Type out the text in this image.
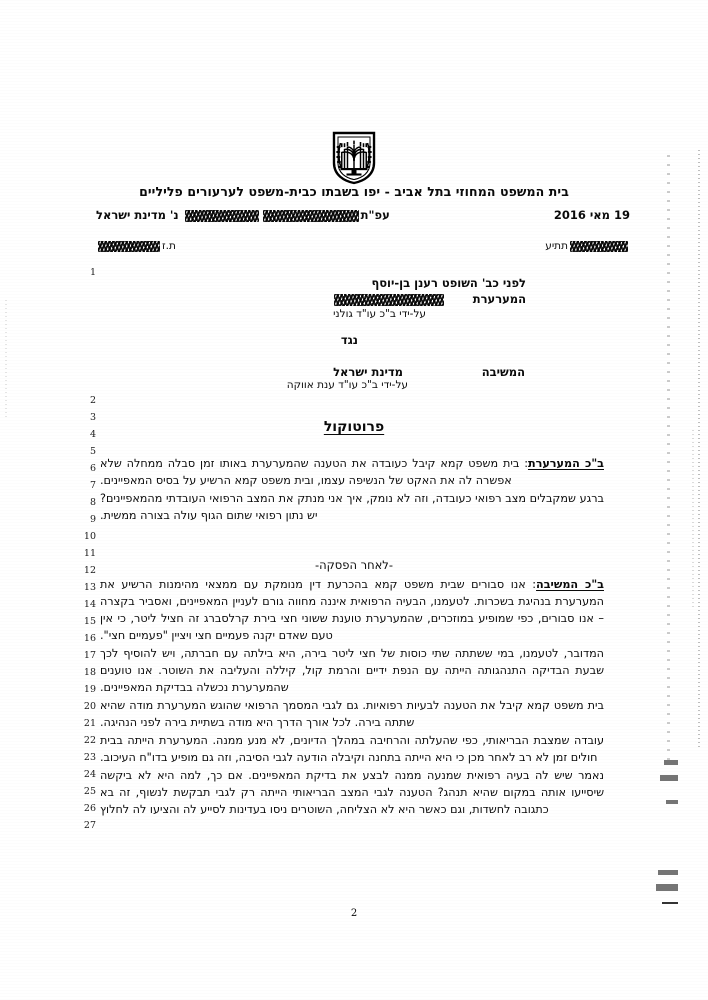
בית המשפט המחוזי בתל אביב - יפו בשבתו כבית-משפט לערעורים פליליים
עפ"ת נ' מדינת ישראל	19 מאי 2016
ת.ז	תתיע
1
2
3
4
5
6
7
8
9
10
11
12
13
14
15
16
17
18
19
20
21
22
23
24
25
26
27
לפני כב' השופט רענן בן-יוסף
המערערת
על-ידי ב"כ עו"ד גולני
נגד
המשיבה
מדינת ישראל
על-ידי ב"כ עו"ד ענת אווקה
פרוטוקול
-לאחר הפסקה-

ב"כ המערערת: בית משפט קמא קיבל כעובדה את הטענה שהמערערת באותו זמן סבלה ממחלה שלא אפשרה לה את האקט של הנשיפה עצמו, ובית משפט קמא הרשיע על בסיס המאפיינים.

ברגע שמקבלים מצב רפואי כעובדה, וזה לא נומק, איך אני מנתק את המצב הרפואי העובדתי מהמאפיינים? יש נתון רפואי שתום הגוף עולה בצורה ממשית.

ב"כ המשיבה: אנו סבורים שבית משפט קמא בהכרעת דין מנומקת עם ממצאי מהימנות הרשיע את המערערת בנהיגת בשכרות. לטעמנו, הבעיה הרפואית איננה מחווה גורם לעניין המאפיינים, ואסביר בקצרה – אנו סבורים, כפי שמופיע במוזכרים, שהמערערת טוענת ששוני חצי בירת קרלסברג זה חציל ליטר, כי אין טעם שאדם יקנה פעמיים חצי ויציין "פעמיים חצי".

המדובר, לטעמנו, במי ששתתה שתי כוסות של חצי ליטר בירה, היא בילתה עם חברתה, ויש להוסיף לכך שבעת הבדיקה התנהגותה הייתה עם הנפת ידיים והרמת קול, קיללה והעליבה את השוטר. אנו טוענים שהמערערת נכשלה בבדיקת המאפיינים.

בית משפט קמא קיבל את הטענה לבעיות רפואיות. גם לגבי המסמך הרפואי שהוגש המערערת מודה שהיא שתתה בירה. לכל אורך הדרך היא מודה בשתיית בירה לפני הנהיגה.

עובדה שמצבת הבריאותי, כפי שהעלתה והרחיבה במהלך הדיונים, לא מנע ממנה. המערערת הייתה בבית חולים זמן לא רב לאחר מכן כי היא הייתה בתחנה וקיבלה הודעה לגבי הסיבה, וזה גם מופיע בדו"ח העיכוב.

נאמר שיש לה בעיה רפואית שמנעה ממנה לבצע את בדיקת המאפיינים. אם כך, למה היא לא ביקשה שיסייעו אותה במקום שהיא תנהג? הטענה לגבי המצב הבריאותי הייתה רק לגבי תבקשת לנשוף, זה בא כתגובה לחשדות, וגם כאשר היא לא הצליחה, השוטרים ניסו בעדינות לסייע לה והציעו לה לחלוץ

2
